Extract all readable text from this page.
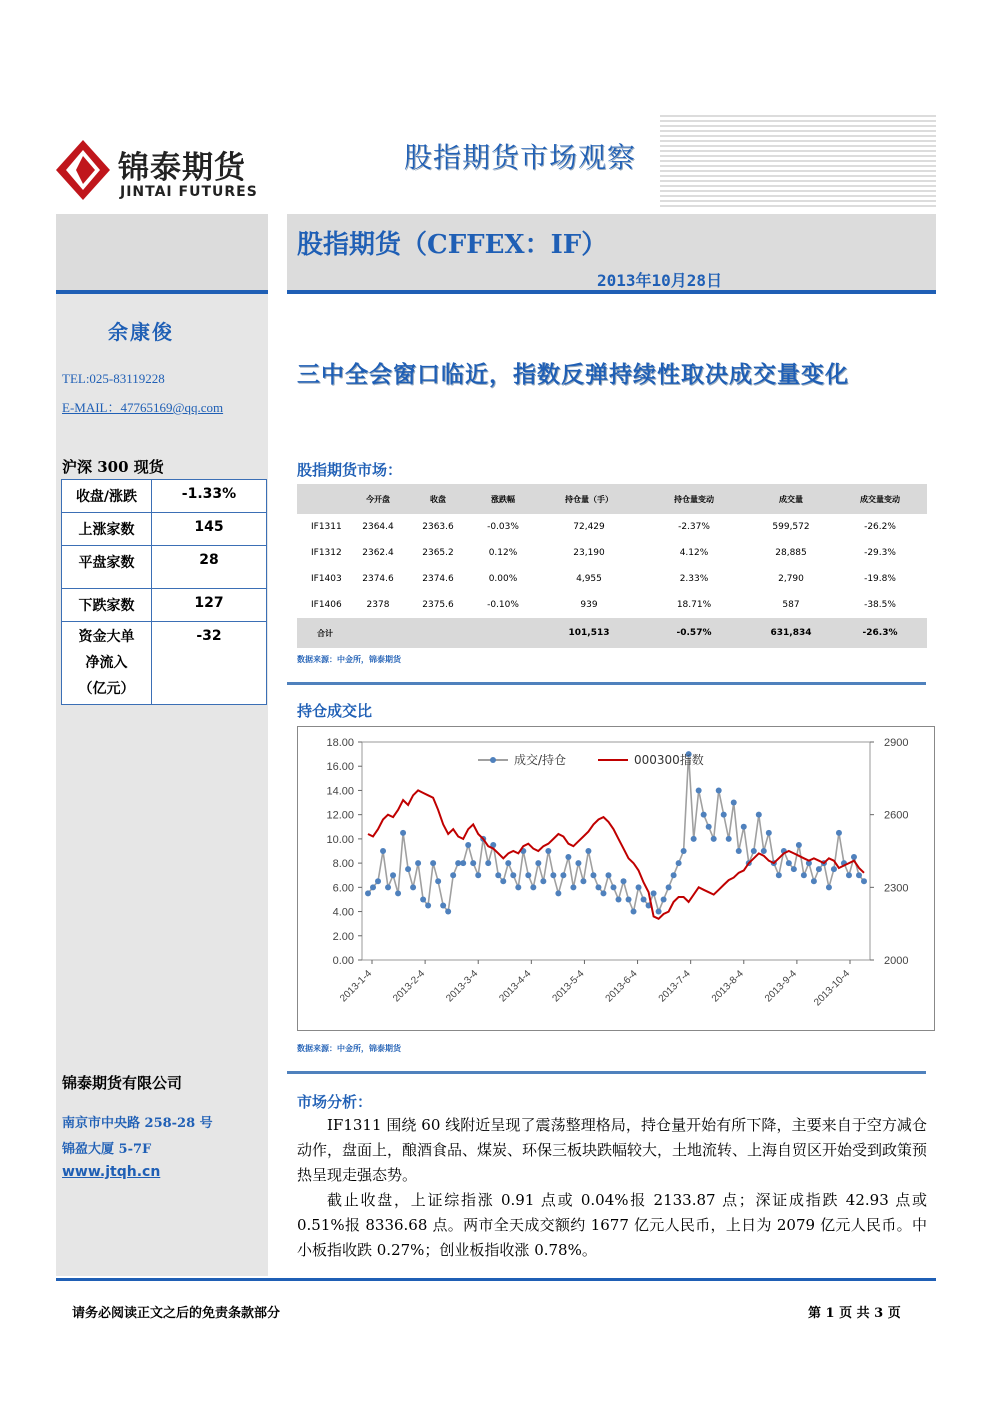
锦泰期货
JINTAI FUTURES
股指期货市场观察
股指期货（CFFEX：IF）
2013年10月28日
余康俊
TEL:025-83119228
E-MAIL：47765169@qq.com
沪深 300 现货
收盘/涨跌	-1.33%
上涨家数	145
平盘家数	28
下跌家数	127
资金大单净流入（亿元）	-32
锦泰期货有限公司
南京市中央路 258-28 号
锦盈大厦 5-7F
www.jtqh.cn
三中全会窗口临近，指数反弹持续性取决成交量变化
股指期货市场：
	今开盘	收盘	涨跌幅	持仓量（手）	持仓量变动	成交量	成交量变动
IF1311	2364.4	2363.6	-0.03%	72,429	-2.37%	599,572	-26.2%
IF1312	2362.4	2365.2	0.12%	23,190	4.12%	28,885	-29.3%
IF1403	2374.6	2374.6	0.00%	4,955	2.33%	2,790	-19.8%
IF1406	2378	2375.6	-0.10%	939	18.71%	587	-38.5%
合计				101,513	-0.57%	631,834	-26.3%
数据来源：中金所，锦泰期货
持仓成交比
18.00
16.00
14.00
12.00
10.00
8.00
6.00
4.00
2.00
0.00
2900
2600
2300
2000
2013-1-4 2013-2-4 2013-3-4 2013-4-4 2013-5-4 2013-6-4 2013-7-4 2013-8-4 2013-9-4 2013-10-4
成交/持仓	000300指数
数据来源：中金所，锦泰期货
市场分析：

IF1311 围绕 60 线附近呈现了震荡整理格局，持仓量开始有所下降，主要来自于空方减仓动作，盘面上，酿酒食品、煤炭、环保三板块跌幅较大，土地流转、上海自贸区开始受到政策预热呈现走强态势。

截止收盘，上证综指涨 0.91 点或 0.04%报 2133.87 点；深证成指跌 42.93 点或 0.51%报 8336.68 点。两市全天成交额约 1677 亿元人民币，上日为 2079 亿元人民币。中小板指收跌 0.27%；创业板指收涨 0.78%。

请务必阅读正文之后的免责条款部分	第 1 页 共 3 页
